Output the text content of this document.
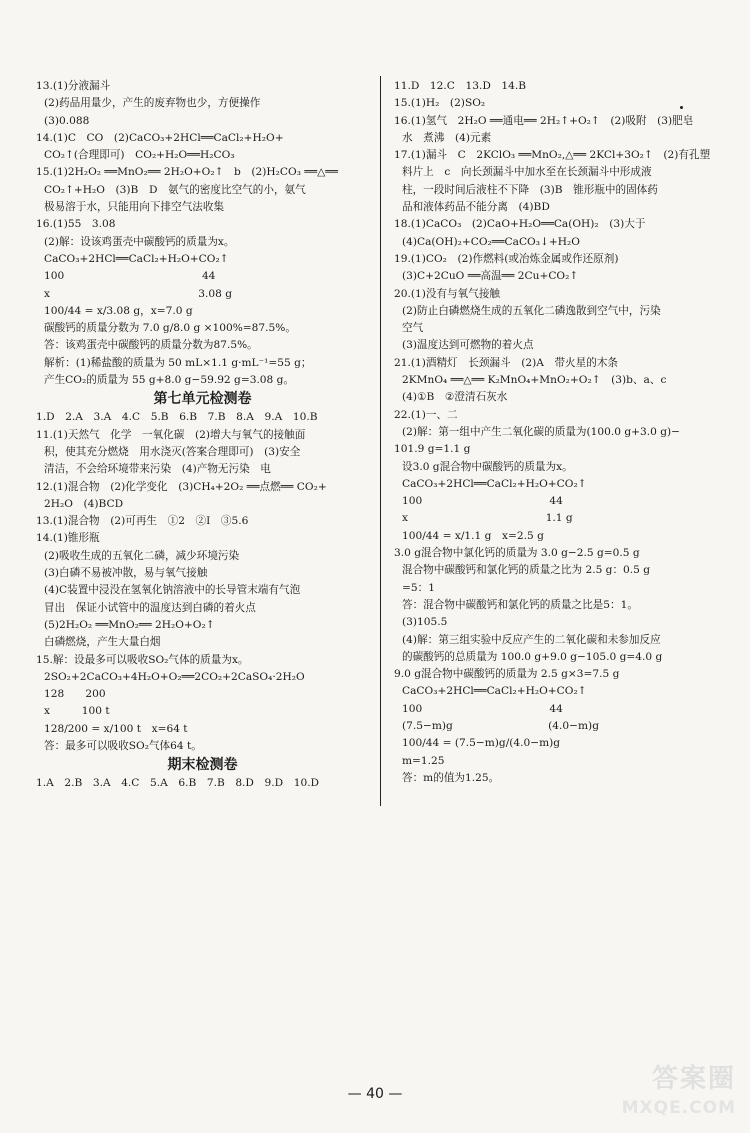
13.(1)分液漏斗
(2)药品用量少，产生的废弃物也少，方便操作
(3)0.088
14.(1)C　CO　(2)CaCO₃+2HCl══CaCl₂+H₂O+
CO₂↑(合理即可)　CO₂+H₂O══H₂CO₃
15.(1)2H₂O₂ ══MnO₂══ 2H₂O+O₂↑　b　(2)H₂CO₃ ══△══
CO₂↑+H₂O　(3)B　D　氨气的密度比空气的小，氨气
极易溶于水，只能用向下排空气法收集
16.(1)55　3.08
(2)解：设该鸡蛋壳中碳酸钙的质量为x。
CaCO₃+2HCl══CaCl₂+H₂O+CO₂↑
100　　　　　　　　　　　　　44
x　　　　　　　　　　　　　　3.08 g
100/44 = x/3.08 g，x=7.0 g
碳酸钙的质量分数为 7.0 g/8.0 g ×100%=87.5%。
答：该鸡蛋壳中碳酸钙的质量分数为87.5%。
解析：(1)稀盐酸的质量为 50 mL×1.1 g·mL⁻¹=55 g；
产生CO₂的质量为 55 g+8.0 g−59.92 g=3.08 g。
第七单元检测卷
1.D　2.A　3.A　4.C　5.B　6.B　7.B　8.A　9.A　10.B
11.(1)天然气　化学　一氧化碳　(2)增大与氧气的接触面
积，使其充分燃烧　用水浇灭(答案合理即可)　(3)安全
清洁，不会给环境带来污染　(4)产物无污染　电
12.(1)混合物　(2)化学变化　(3)CH₄+2O₂ ══点燃══ CO₂+
2H₂O　(4)BCD
13.(1)混合物　(2)可再生　①2　②Ⅰ　③5.6
14.(1)锥形瓶
(2)吸收生成的五氧化二磷，减少环境污染
(3)白磷不易被冲散，易与氧气接触
(4)C装置中浸没在氢氧化钠溶液中的长导管末端有气泡
冒出　保证小试管中的温度达到白磷的着火点
(5)2H₂O₂ ══MnO₂══ 2H₂O+O₂↑
白磷燃烧，产生大量白烟
15.解：设最多可以吸收SO₂气体的质量为x。
2SO₂+2CaCO₃+4H₂O+O₂══2CO₂+2CaSO₄·2H₂O
128　　200
x　　　100 t
128/200 = x/100 t　x=64 t
答：最多可以吸收SO₂气体64 t。
期末检测卷
1.A　2.B　3.A　4.C　5.A　6.B　7.B　8.D　9.D　10.D
11.D　12.C　13.D　14.B
15.(1)H₂　(2)SO₂
16.(1)氢气　2H₂O ══通电══ 2H₂↑+O₂↑　(2)吸附　(3)肥皂
水　煮沸　(4)元素
17.(1)漏斗　C　2KClO₃ ══MnO₂,△══ 2KCl+3O₂↑　(2)有孔塑
料片上　c　向长颈漏斗中加水至在长颈漏斗中形成液
柱，一段时间后液柱不下降　(3)B　锥形瓶中的固体药
品和液体药品不能分离　(4)BD
18.(1)CaCO₃　(2)CaO+H₂O══Ca(OH)₂　(3)大于
(4)Ca(OH)₂+CO₂══CaCO₃↓+H₂O
19.(1)CO₂　(2)作燃料(或冶炼金属或作还原剂)
(3)C+2CuO ══高温══ 2Cu+CO₂↑
20.(1)没有与氧气接触
(2)防止白磷燃烧生成的五氧化二磷逸散到空气中，污染
空气
(3)温度达到可燃物的着火点
21.(1)酒精灯　长颈漏斗　(2)A　带火星的木条
2KMnO₄ ══△══ K₂MnO₄+MnO₂+O₂↑　(3)b、a、c
(4)①B　②澄清石灰水
22.(1)一、二
(2)解：第一组中产生二氧化碳的质量为(100.0 g+3.0 g)−
101.9 g=1.1 g
设3.0 g混合物中碳酸钙的质量为x。
CaCO₃+2HCl══CaCl₂+H₂O+CO₂↑
100　　　　　　　　　　　　44
x　　　　　　　　　　　　　1.1 g
100/44 = x/1.1 g　x=2.5 g
3.0 g混合物中氯化钙的质量为 3.0 g−2.5 g=0.5 g
混合物中碳酸钙和氯化钙的质量之比为 2.5 g：0.5 g
=5：1
答：混合物中碳酸钙和氯化钙的质量之比是5：1。
(3)105.5
(4)解：第三组实验中反应产生的二氧化碳和未参加反应
的碳酸钙的总质量为 100.0 g+9.0 g−105.0 g=4.0 g
9.0 g混合物中碳酸钙的质量为 2.5 g×3=7.5 g
CaCO₃+2HCl══CaCl₂+H₂O+CO₂↑
100　　　　　　　　　　　　44
(7.5−m)g　　　　　　　　　(4.0−m)g
100/44 = (7.5−m)g/(4.0−m)g
m=1.25
答：m的值为1.25。
— 40 —	答案圈
MXQE.COM
